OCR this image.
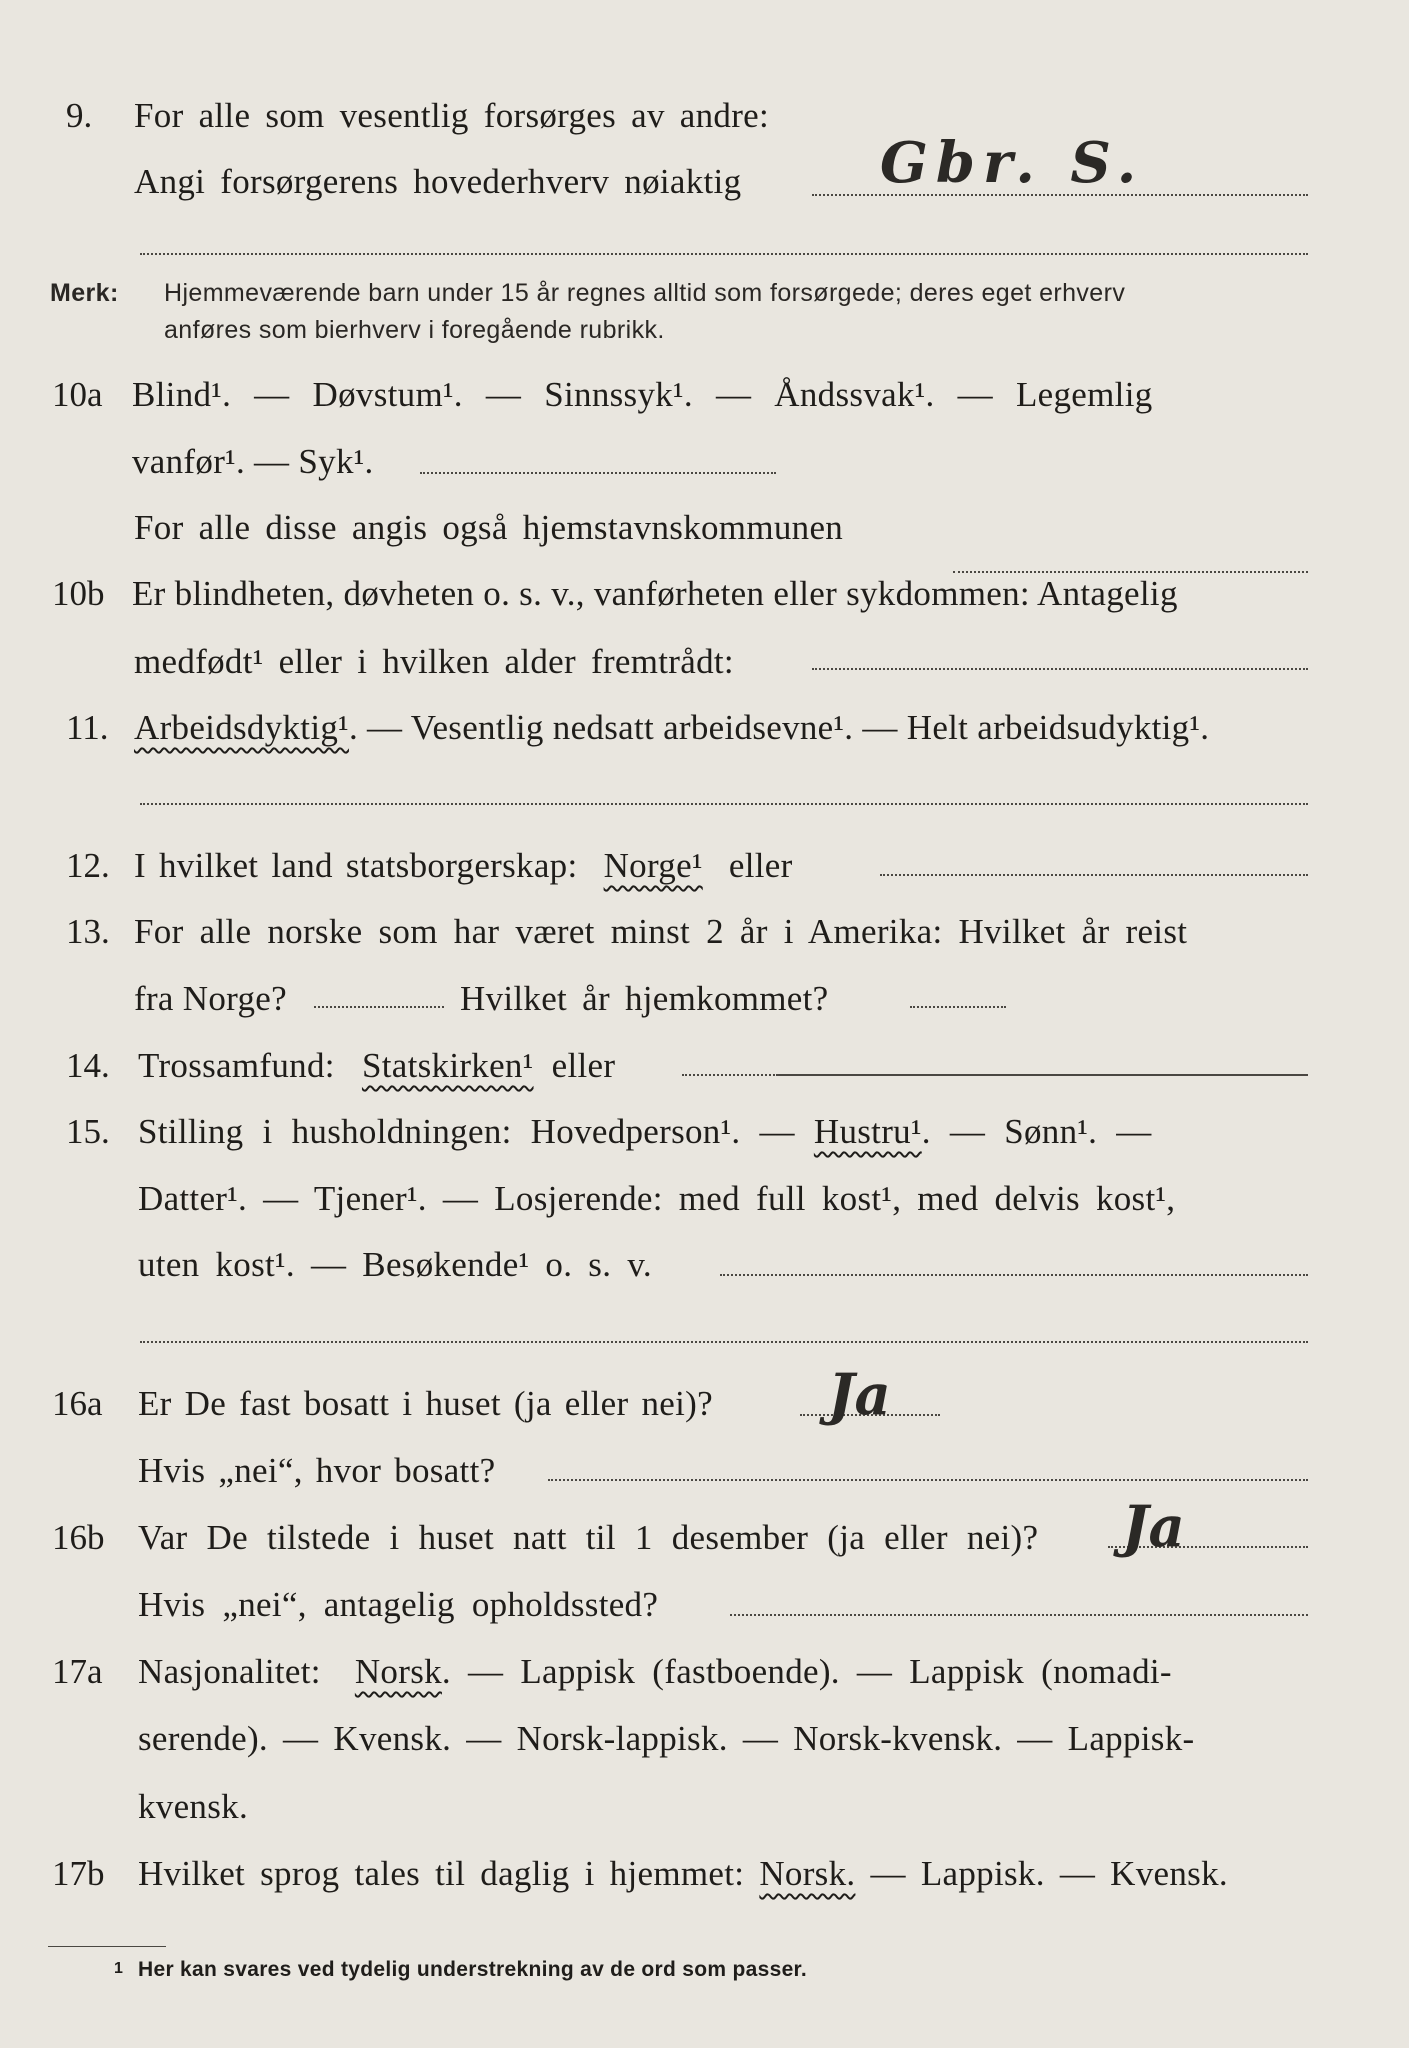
9. For alle som vesentlig forsørges av andre:
Angi forsørgerens hovederhverv nøiaktig Gbr. S.
Merk: Hjemmeværende barn under 15 år regnes alltid som forsørgede; deres eget erhverv
anføres som bierhverv i foregående rubrikk.
10a Blind¹. — Døvstum¹. — Sinnssyk¹. — Åndssvak¹. — Legemlig
vanfør¹. — Syk¹.
For alle disse angis også hjemstavnskommunen
10b Er blindheten, døvheten o. s. v., vanførheten eller sykdommen: Antagelig
medfødt¹ eller i hvilken alder fremtrådt:
11. Arbeidsdyktig¹. — Vesentlig nedsatt arbeidsevne¹. — Helt arbeidsudyktig¹.
12. I hvilket land statsborgerskap: Norge¹ eller
13. For alle norske som har været minst 2 år i Amerika: Hvilket år reist
fra Norge?	Hvilket år hjemkommet?
14. Trossamfund: Statskirken¹ eller
15. Stilling i husholdningen: Hovedperson¹. — Hustru¹. — Sønn¹. —
Datter¹. — Tjener¹. — Losjerende: med full kost¹, med delvis kost¹,
uten kost¹. — Besøkende¹ o. s. v.
16a Er De fast bosatt i huset (ja eller nei)? Ja
Hvis „nei“, hvor bosatt?
16b Var De tilstede i huset natt til 1 desember (ja eller nei)? Ja
Hvis „nei“, antagelig opholdssted?
17a Nasjonalitet: Norsk. — Lappisk (fastboende). — Lappisk (nomadi-
serende). — Kvensk. — Norsk-lappisk. — Norsk-kvensk. — Lappisk-
kvensk.
17b Hvilket sprog tales til daglig i hjemmet: Norsk. — Lappisk. — Kvensk.
1 Her kan svares ved tydelig understrekning av de ord som passer.
